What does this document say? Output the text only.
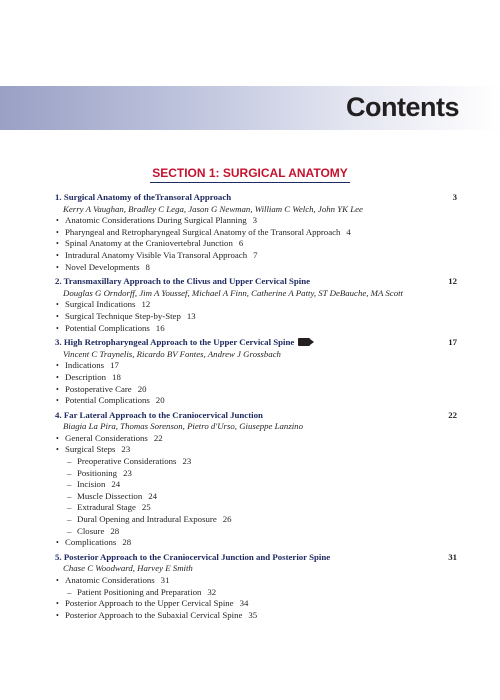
Contents
SECTION 1: SURGICAL ANATOMY
1. Surgical Anatomy of theTransoral Approach	3
Kerry A Vaughan, Bradley C Lega, Jason G Newman, William C Welch, John YK Lee
• Anatomic Considerations During Surgical Planning 3
• Pharyngeal and Retropharyngeal Surgical Anatomy of the Transoral Approach 4
• Spinal Anatomy at the Craniovertebral Junction 6
• Intradural Anatomy Visible Via Transoral Approach 7
• Novel Developments 8
2. Transmaxillary Approach to the Clivus and Upper Cervical Spine	12
Douglas G Orndorff, Jim A Youssef, Michael A Finn, Catherine A Patty, ST DeBauche, MA Scott
• Surgical Indications 12
• Surgical Technique Step-by-Step 13
• Potential Complications 16
3. High Retropharyngeal Approach to the Upper Cervical Spine	17
Vincent C Traynelis, Ricardo BV Fontes, Andrew J Grossbach
• Indications 17
• Description 18
• Postoperative Care 20
• Potential Complications 20
4. Far Lateral Approach to the Craniocervical Junction	22
Biagia La Pira, Thomas Sorenson, Pietro d'Urso, Giuseppe Lanzino
• General Considerations 22
• Surgical Steps 23
– Preoperative Considerations 23
– Positioning 23
– Incision 24
– Muscle Dissection 24
– Extradural Stage 25
– Dural Opening and Intradural Exposure 26
– Closure 28
• Complications 28
5. Posterior Approach to the Craniocervical Junction and Posterior Spine	31
Chase C Woodward, Harvey E Smith
• Anatomic Considerations 31
– Patient Positioning and Preparation 32
• Posterior Approach to the Upper Cervical Spine 34
• Posterior Approach to the Subaxial Cervical Spine 35
